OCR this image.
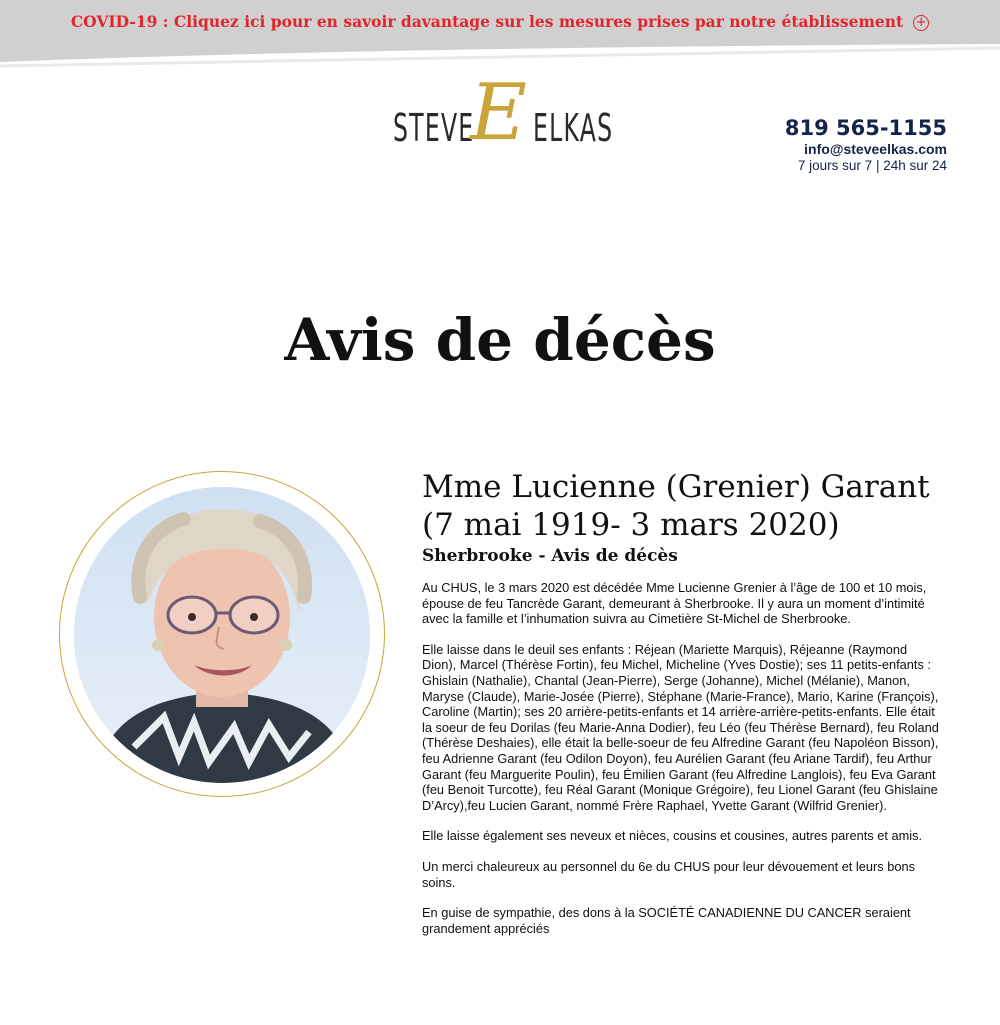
COVID-19 : Cliquez ici pour en savoir davantage sur les mesures prises par notre établissement +
STEVE
E ELKAS	819 565-1155
info@steveelkas.com
7 jours sur 7 | 24h sur 24
Avis de décès
Mme Lucienne (Grenier) Garant (7 mai 1919- 3 mars 2020)
Sherbrooke - Avis de décès

Au CHUS, le 3 mars 2020 est décédée Mme Lucienne Grenier à l’âge de 100 et 10 mois, épouse de feu Tancrède Garant, demeurant à Sherbrooke. Il y aura un moment d’intimité avec la famille et l’inhumation suivra au Cimetière St-Michel de Sherbrooke.

Elle laisse dans le deuil ses enfants : Réjean (Mariette Marquis), Réjeanne (Raymond Dion), Marcel (Thérèse Fortin), feu Michel, Micheline (Yves Dostie); ses 11 petits-enfants : Ghislain (Nathalie), Chantal (Jean-Pierre), Serge (Johanne), Michel (Mélanie), Manon, Maryse (Claude), Marie-Josée (Pierre), Stéphane (Marie-France), Mario, Karine (François), Caroline (Martin); ses 20 arrière-petits-enfants et 14 arrière-arrière-petits-enfants. Elle était la soeur de feu Dorilas (feu Marie-Anna Dodier), feu Léo (feu Thérèse Bernard), feu Roland (Thérèse Deshaies), elle était la belle-soeur de feu Alfredine Garant (feu Napoléon Bisson), feu Adrienne Garant (feu Odilon Doyon), feu Aurélien Garant (feu Ariane Tardif), feu Arthur Garant (feu Marguerite Poulin), feu Émilien Garant (feu Alfredine Langlois), feu Eva Garant (feu Benoit Turcotte), feu Réal Garant (Monique Grégoire), feu Lionel Garant (feu Ghislaine D’Arcy),feu Lucien Garant, nommé Frère Raphael, Yvette Garant (Wilfrid Grenier).

Elle laisse également ses neveux et nièces, cousins et cousines, autres parents et amis.

Un merci chaleureux au personnel du 6e du CHUS pour leur dévouement et leurs bons soins.

En guise de sympathie, des dons à la SOCIÉTÉ CANADIENNE DU CANCER seraient grandement appréciés
